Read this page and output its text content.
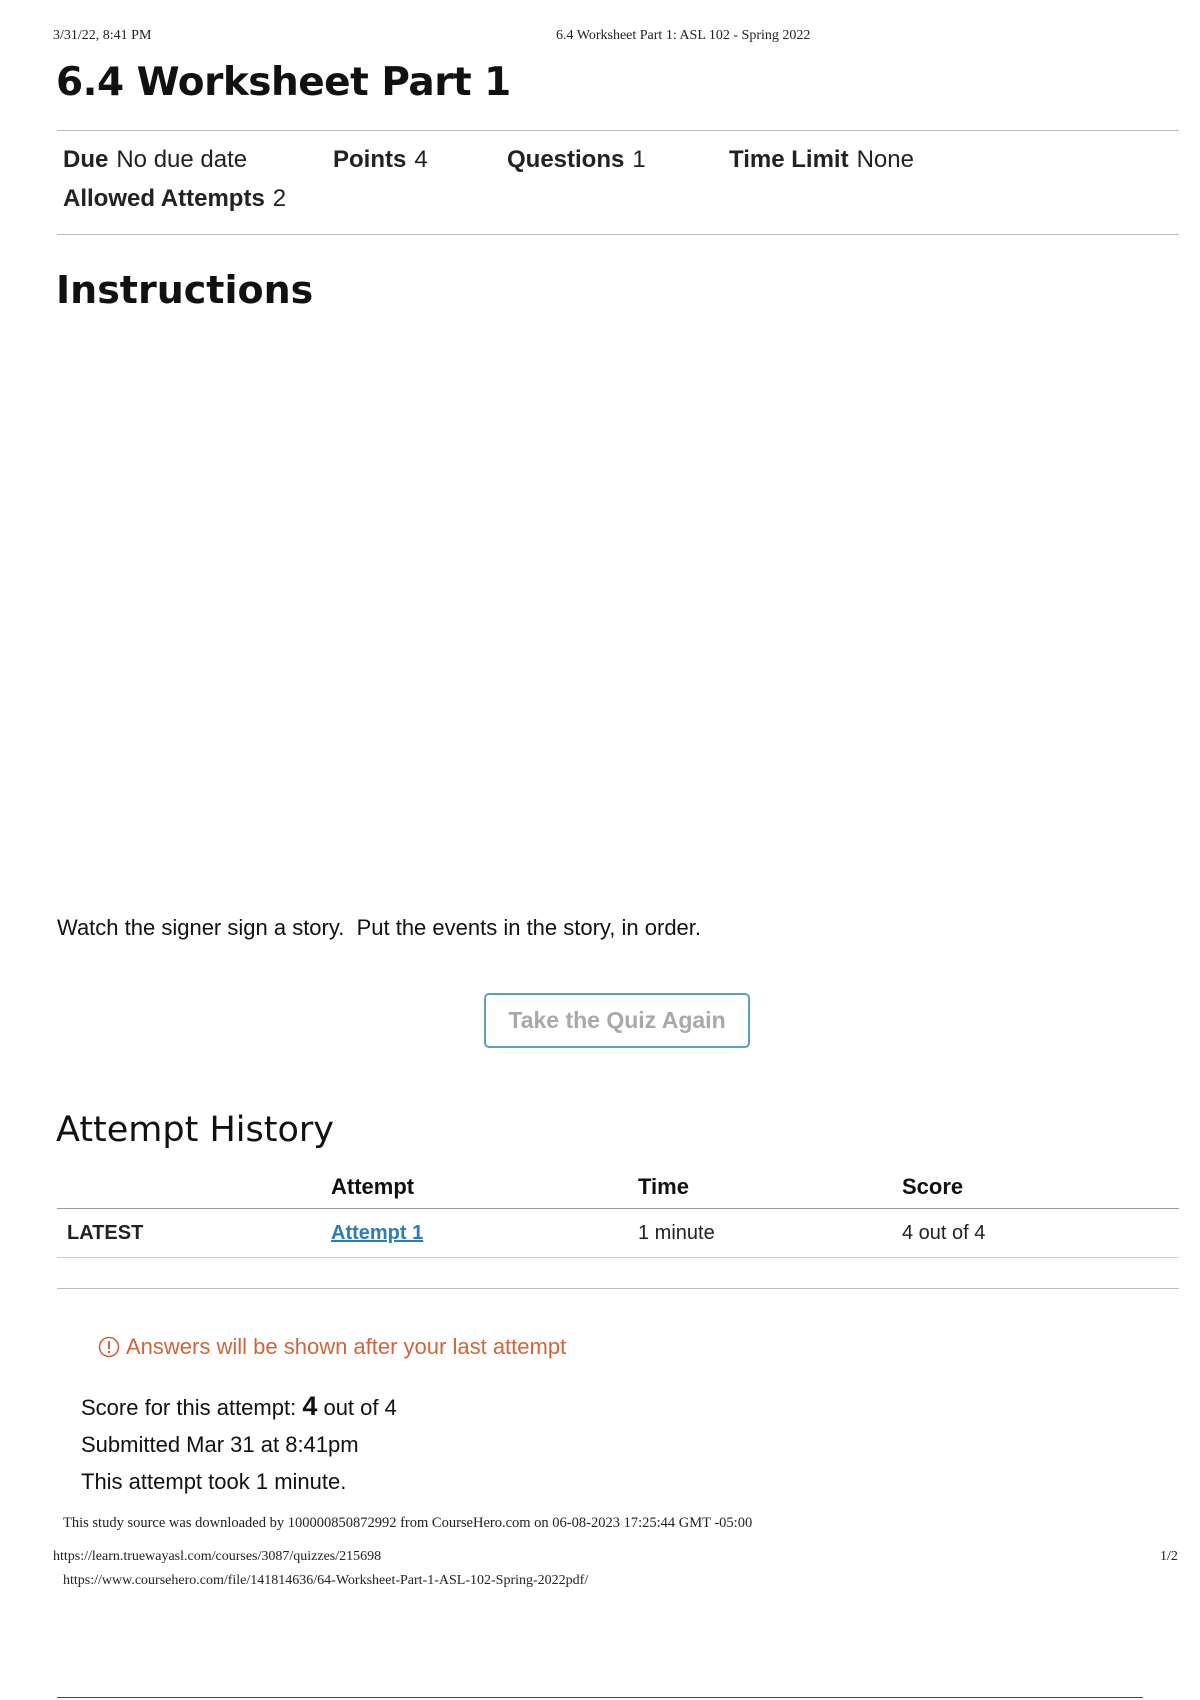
3/31/22, 8:41 PM	6.4 Worksheet Part 1: ASL 102 - Spring 2022
6.4 Worksheet Part 1
Due No due date	Points 4	Questions 1	Time Limit None
Allowed Attempts 2
Instructions
Watch the signer sign a story.  Put the events in the story, in order.
Take the Quiz Again
Attempt History
	Attempt	Time	Score
LATEST	Attempt 1	1 minute	4 out of 4
Answers will be shown after your last attempt
Score for this attempt: 4 out of 4
Submitted Mar 31 at 8:41pm
This attempt took 1 minute.
This study source was downloaded by 100000850872992 from CourseHero.com on 06-08-2023 17:25:44 GMT -05:00
https://learn.truewayasl.com/courses/3087/quizzes/215698	1/2
https://www.coursehero.com/file/141814636/64-Worksheet-Part-1-ASL-102-Spring-2022pdf/
